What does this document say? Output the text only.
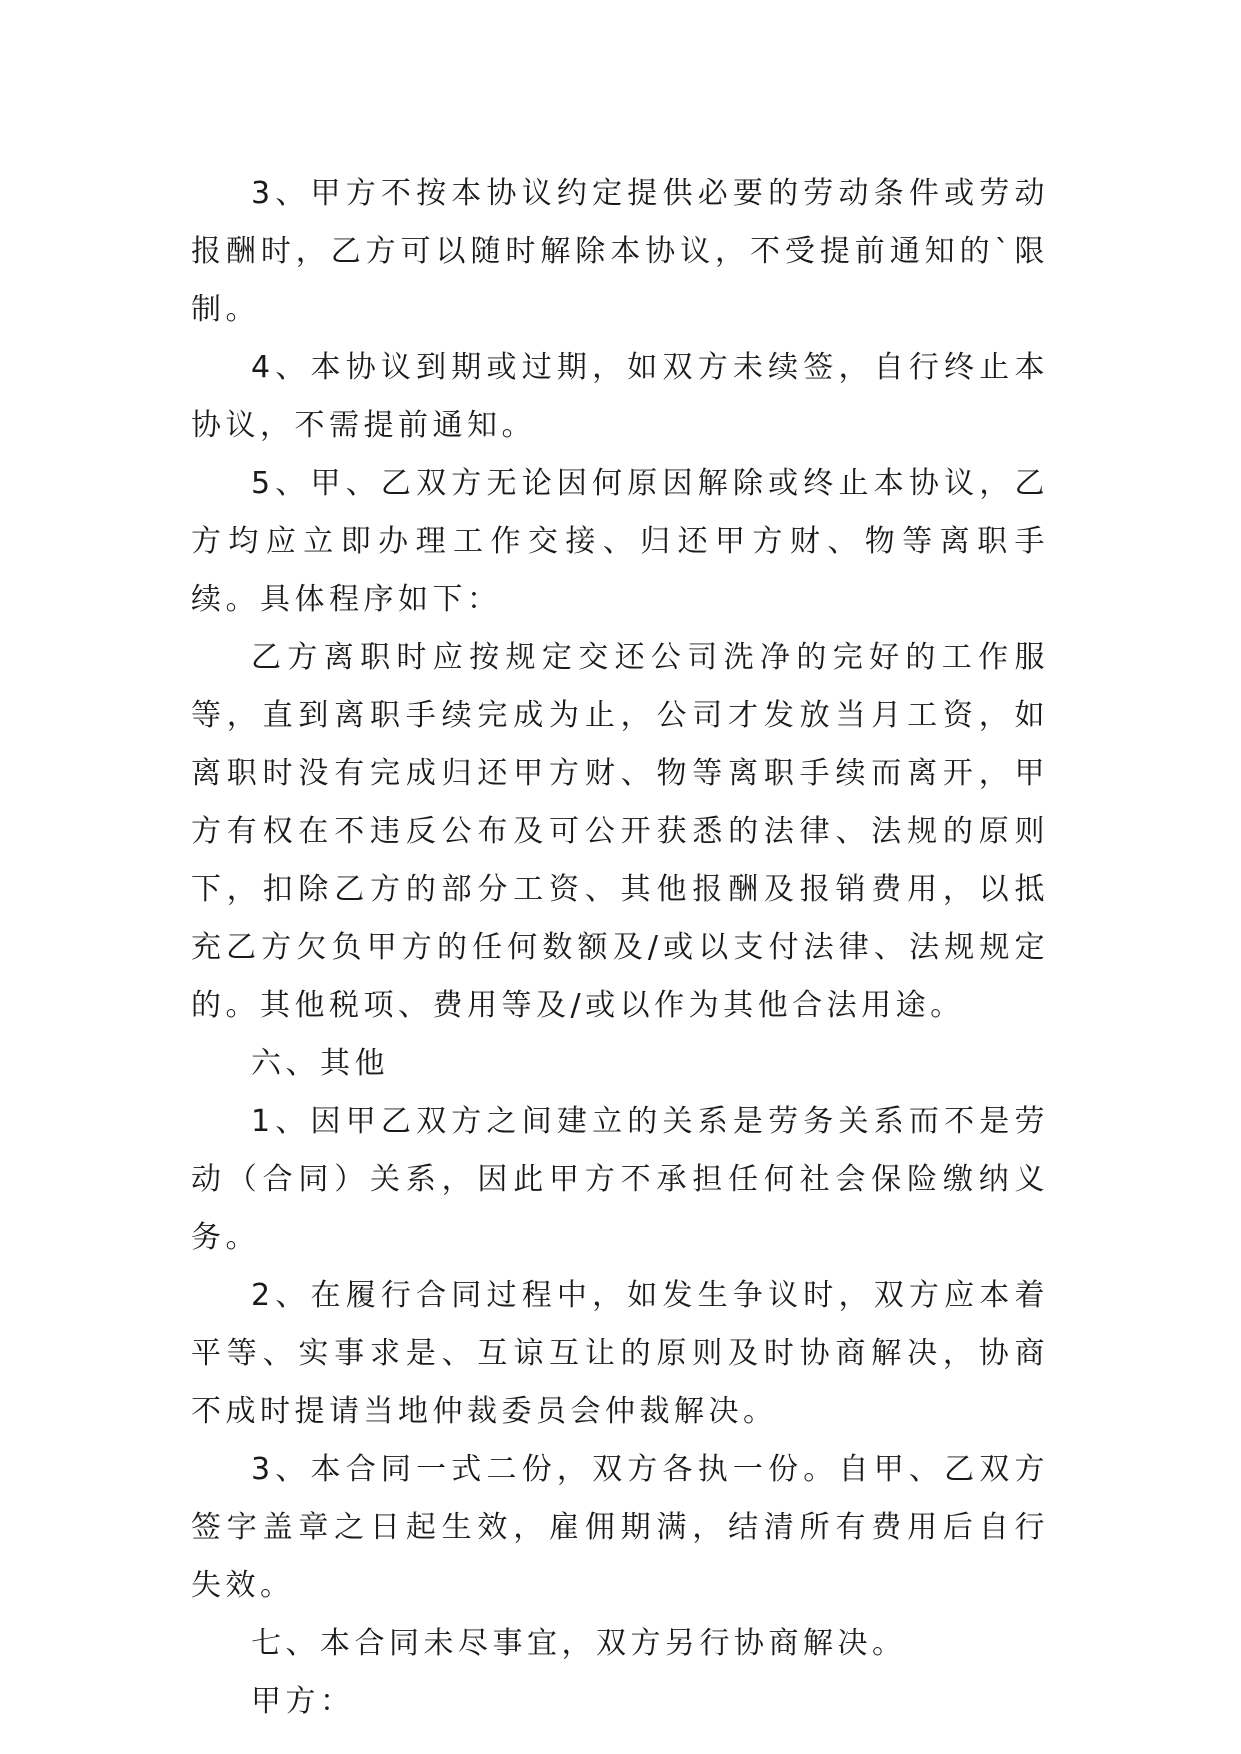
3、甲方不按本协议约定提供必要的劳动条件或劳动报酬时，乙方可以随时解除本协议，不受提前通知的`限制。

4、本协议到期或过期，如双方未续签，自行终止本协议，不需提前通知。

5、甲、乙双方无论因何原因解除或终止本协议，乙方均应立即办理工作交接、归还甲方财、物等离职手续。具体程序如下：

乙方离职时应按规定交还公司洗净的完好的工作服等，直到离职手续完成为止，公司才发放当月工资，如离职时没有完成归还甲方财、物等离职手续而离开，甲方有权在不违反公布及可公开获悉的法律、法规的原则下，扣除乙方的部分工资、其他报酬及报销费用，以抵充乙方欠负甲方的任何数额及/或以支付法律、法规规定的。其他税项、费用等及/或以作为其他合法用途。

六、其他

1、因甲乙双方之间建立的关系是劳务关系而不是劳动（合同）关系，因此甲方不承担任何社会保险缴纳义务。

2、在履行合同过程中，如发生争议时，双方应本着平等、实事求是、互谅互让的原则及时协商解决，协商不成时提请当地仲裁委员会仲裁解决。

3、本合同一式二份，双方各执一份。自甲、乙双方签字盖章之日起生效，雇佣期满，结清所有费用后自行失效。

七、本合同未尽事宜，双方另行协商解决。

甲方：
